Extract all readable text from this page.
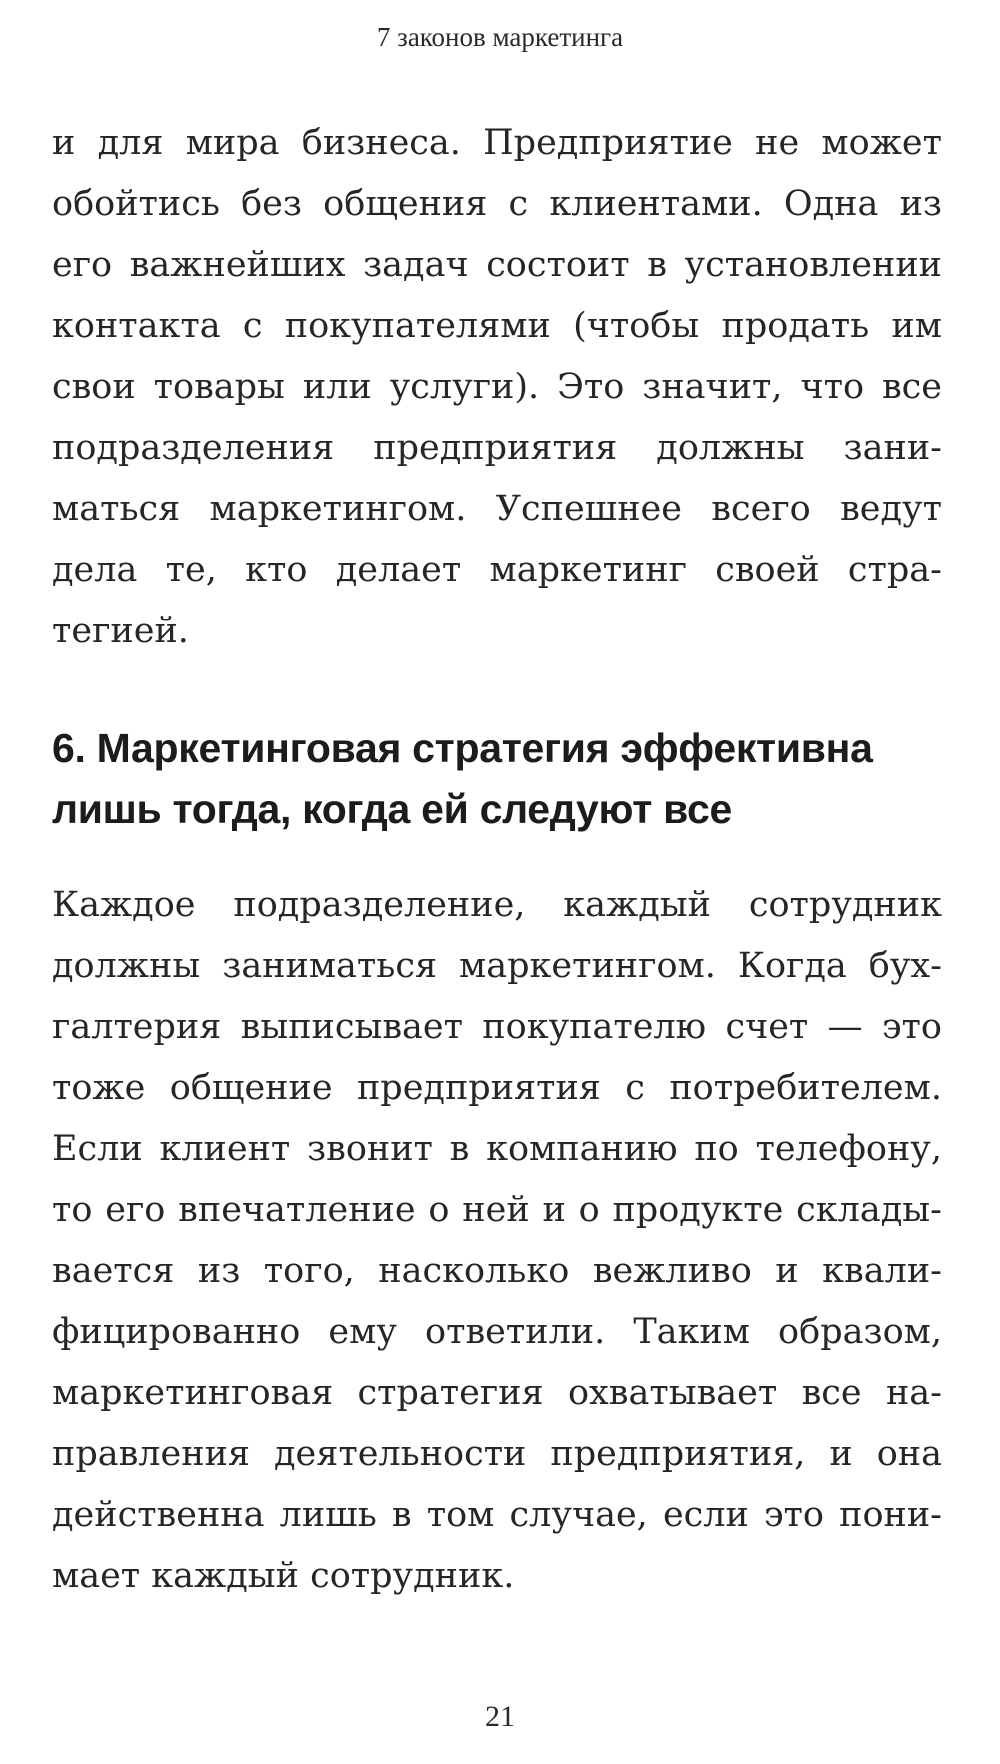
7 законов маркетинга
и для мира бизнеса. Предприятие не может
обойтись без общения с клиентами. Одна из
его важнейших задач состоит в установлении
контакта с покупателями (чтобы продать им
свои товары или услуги). Это значит, что все
подразделения предприятия должны зани-
маться маркетингом. Успешнее всего ведут
дела те, кто делает маркетинг своей стра-
тегией.
6. Маркетинговая стратегия эффективна
лишь тогда, когда ей следуют все
Каждое подразделение, каждый сотрудник
должны заниматься маркетингом. Когда бух-
галтерия выписывает покупателю счет — это
тоже общение предприятия с потребителем.
Если клиент звонит в компанию по телефону,
то его впечатление о ней и о продукте склады-
вается из того, насколько вежливо и квали-
фицированно ему ответили. Таким образом,
маркетинговая стратегия охватывает все на-
правления деятельности предприятия, и она
действенна лишь в том случае, если это пони-
мает каждый сотрудник.
21
